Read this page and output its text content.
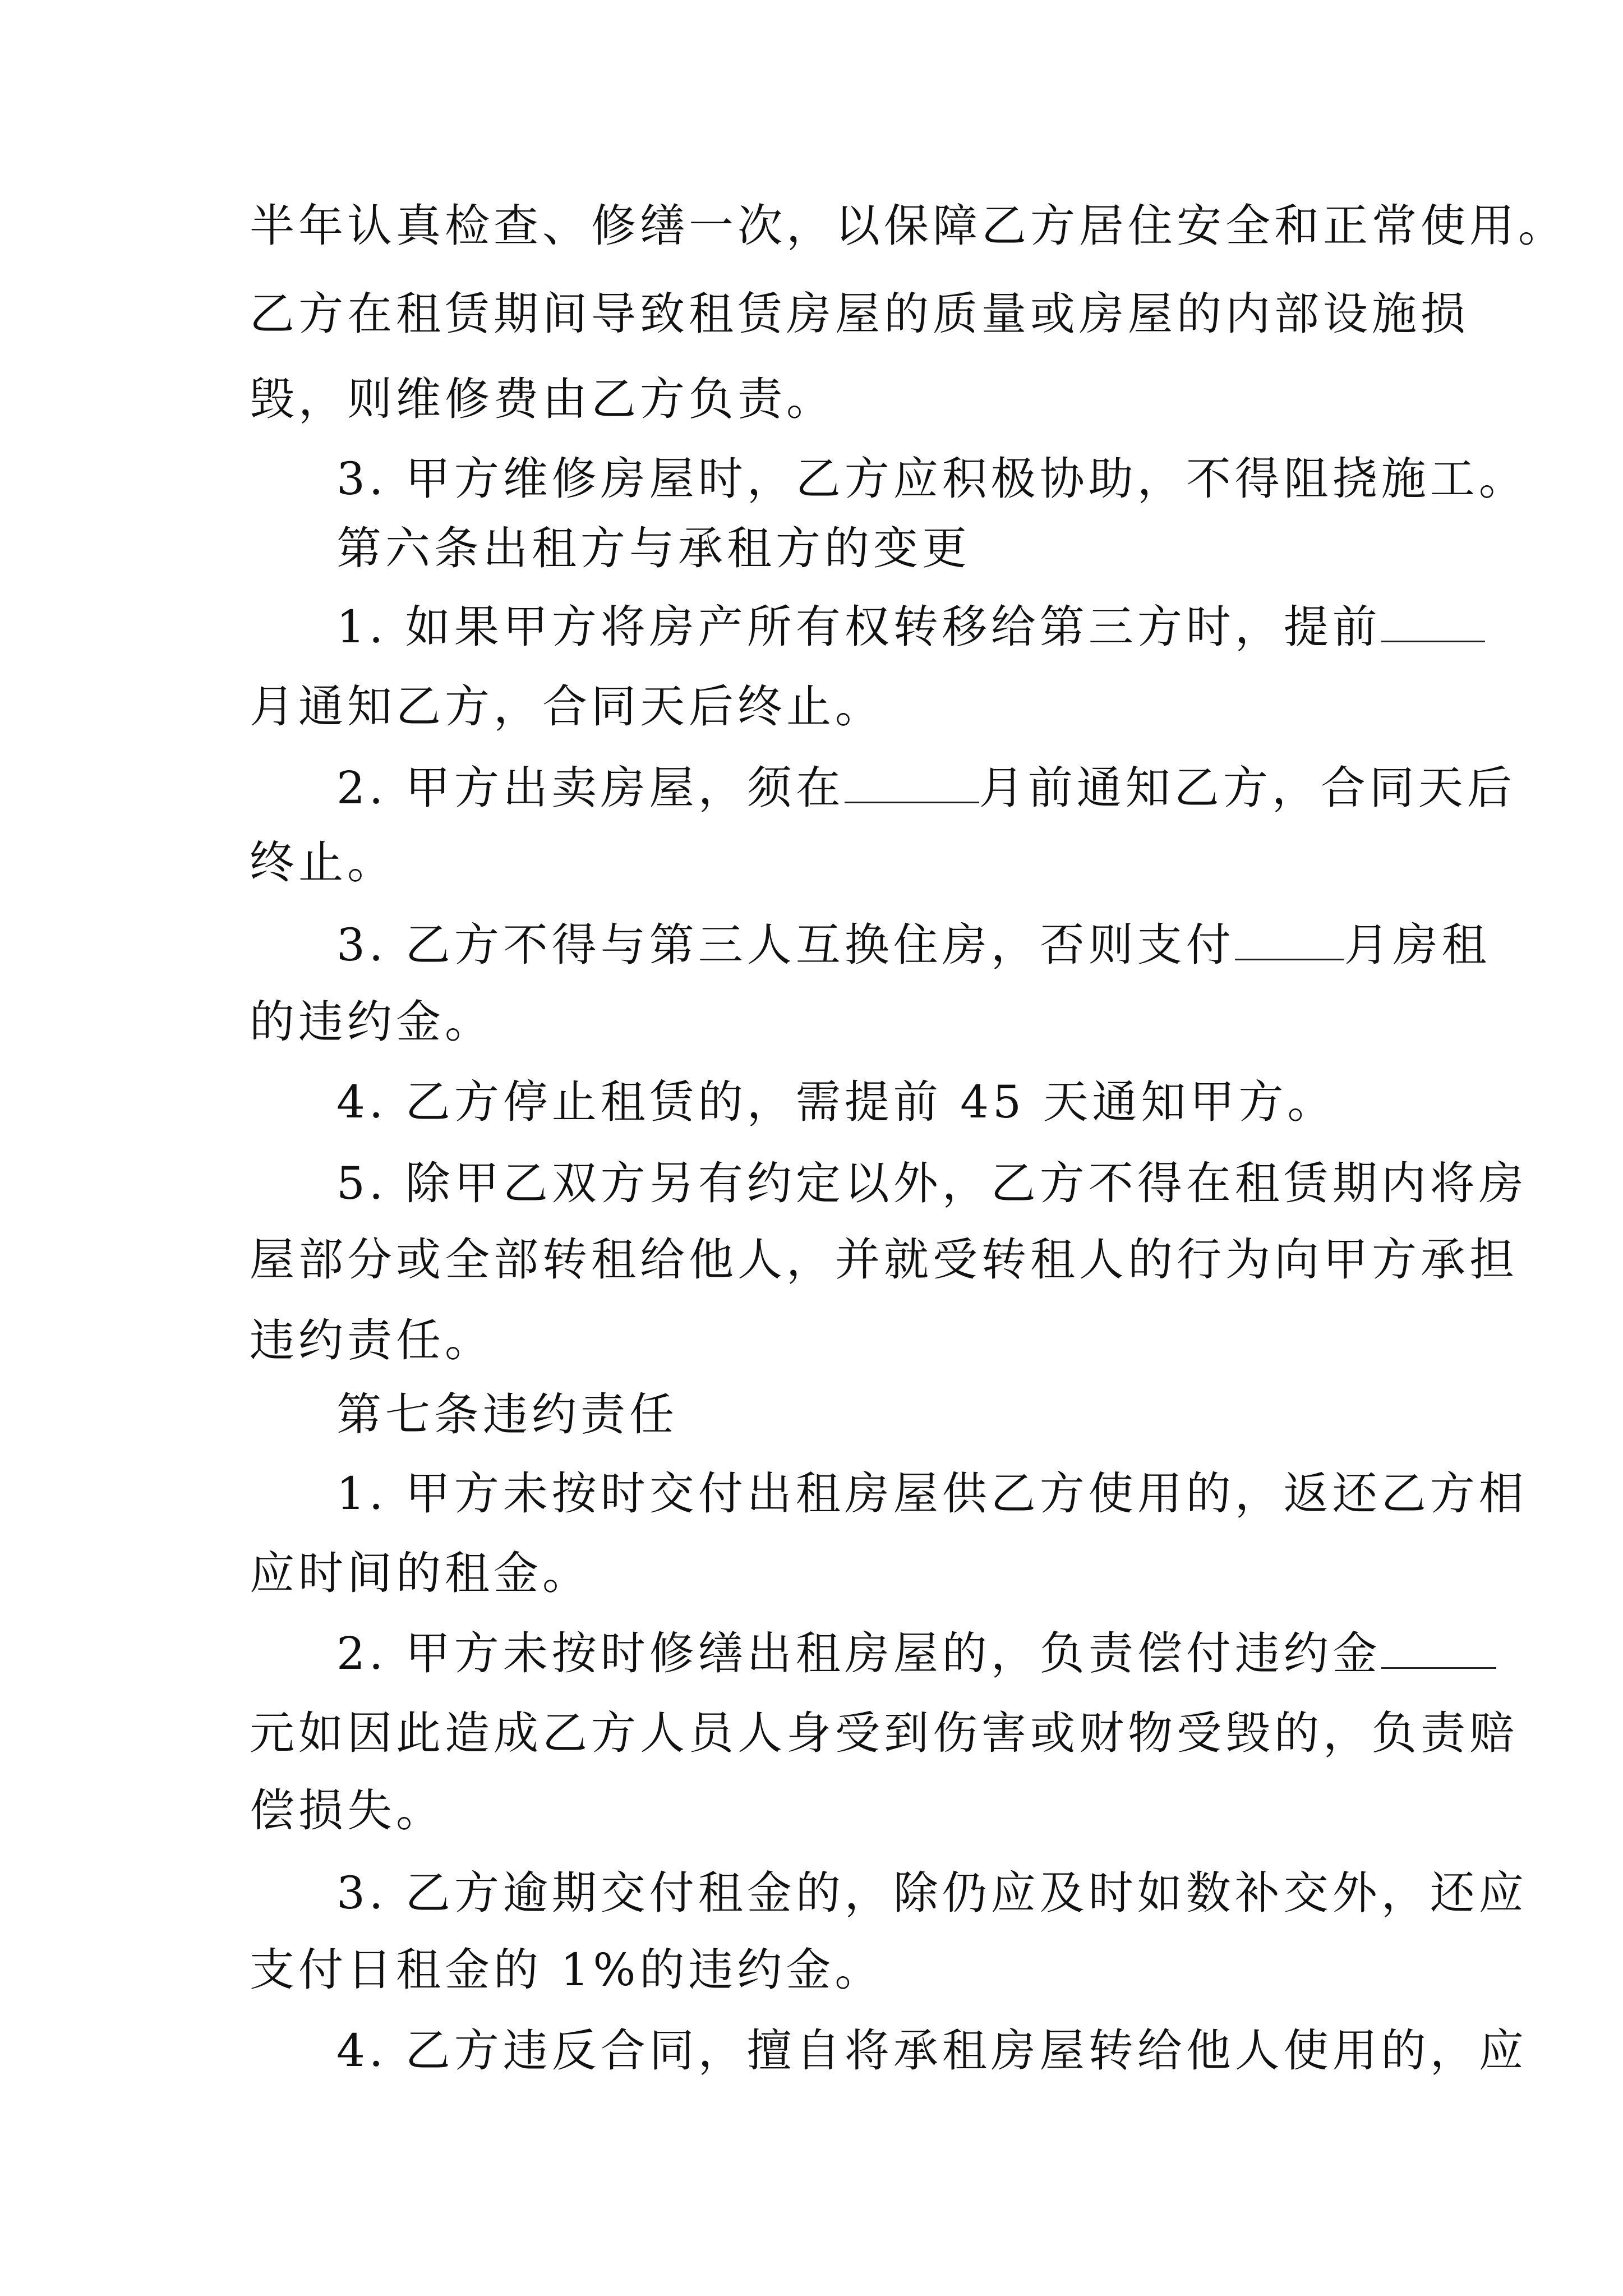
半年认真检查、修缮一次，以保障乙方居住安全和正常使用。
乙方在租赁期间导致租赁房屋的质量或房屋的内部设施损
毁，则维修费由乙方负责。
3. 甲方维修房屋时，乙方应积极协助，不得阻挠施工。
第六条出租方与承租方的变更
1. 如果甲方将房产所有权转移给第三方时，提前
月通知乙方，合同天后终止。
2. 甲方出卖房屋，须在	月前通知乙方，合同天后
终止。
3. 乙方不得与第三人互换住房，否则支付 月房租
的违约金。
4. 乙方停止租赁的，需提前 45 天通知甲方。
5. 除甲乙双方另有约定以外，乙方不得在租赁期内将房
屋部分或全部转租给他人，并就受转租人的行为向甲方承担
违约责任。
第七条违约责任
1. 甲方未按时交付出租房屋供乙方使用的，返还乙方相
应时间的租金。
2. 甲方未按时修缮出租房屋的，负责偿付违约金
元如因此造成乙方人员人身受到伤害或财物受毁的，负责赔
偿损失。
3. 乙方逾期交付租金的，除仍应及时如数补交外，还应
支付日租金的 1%的违约金。
4. 乙方违反合同，擅自将承租房屋转给他人使用的，应
